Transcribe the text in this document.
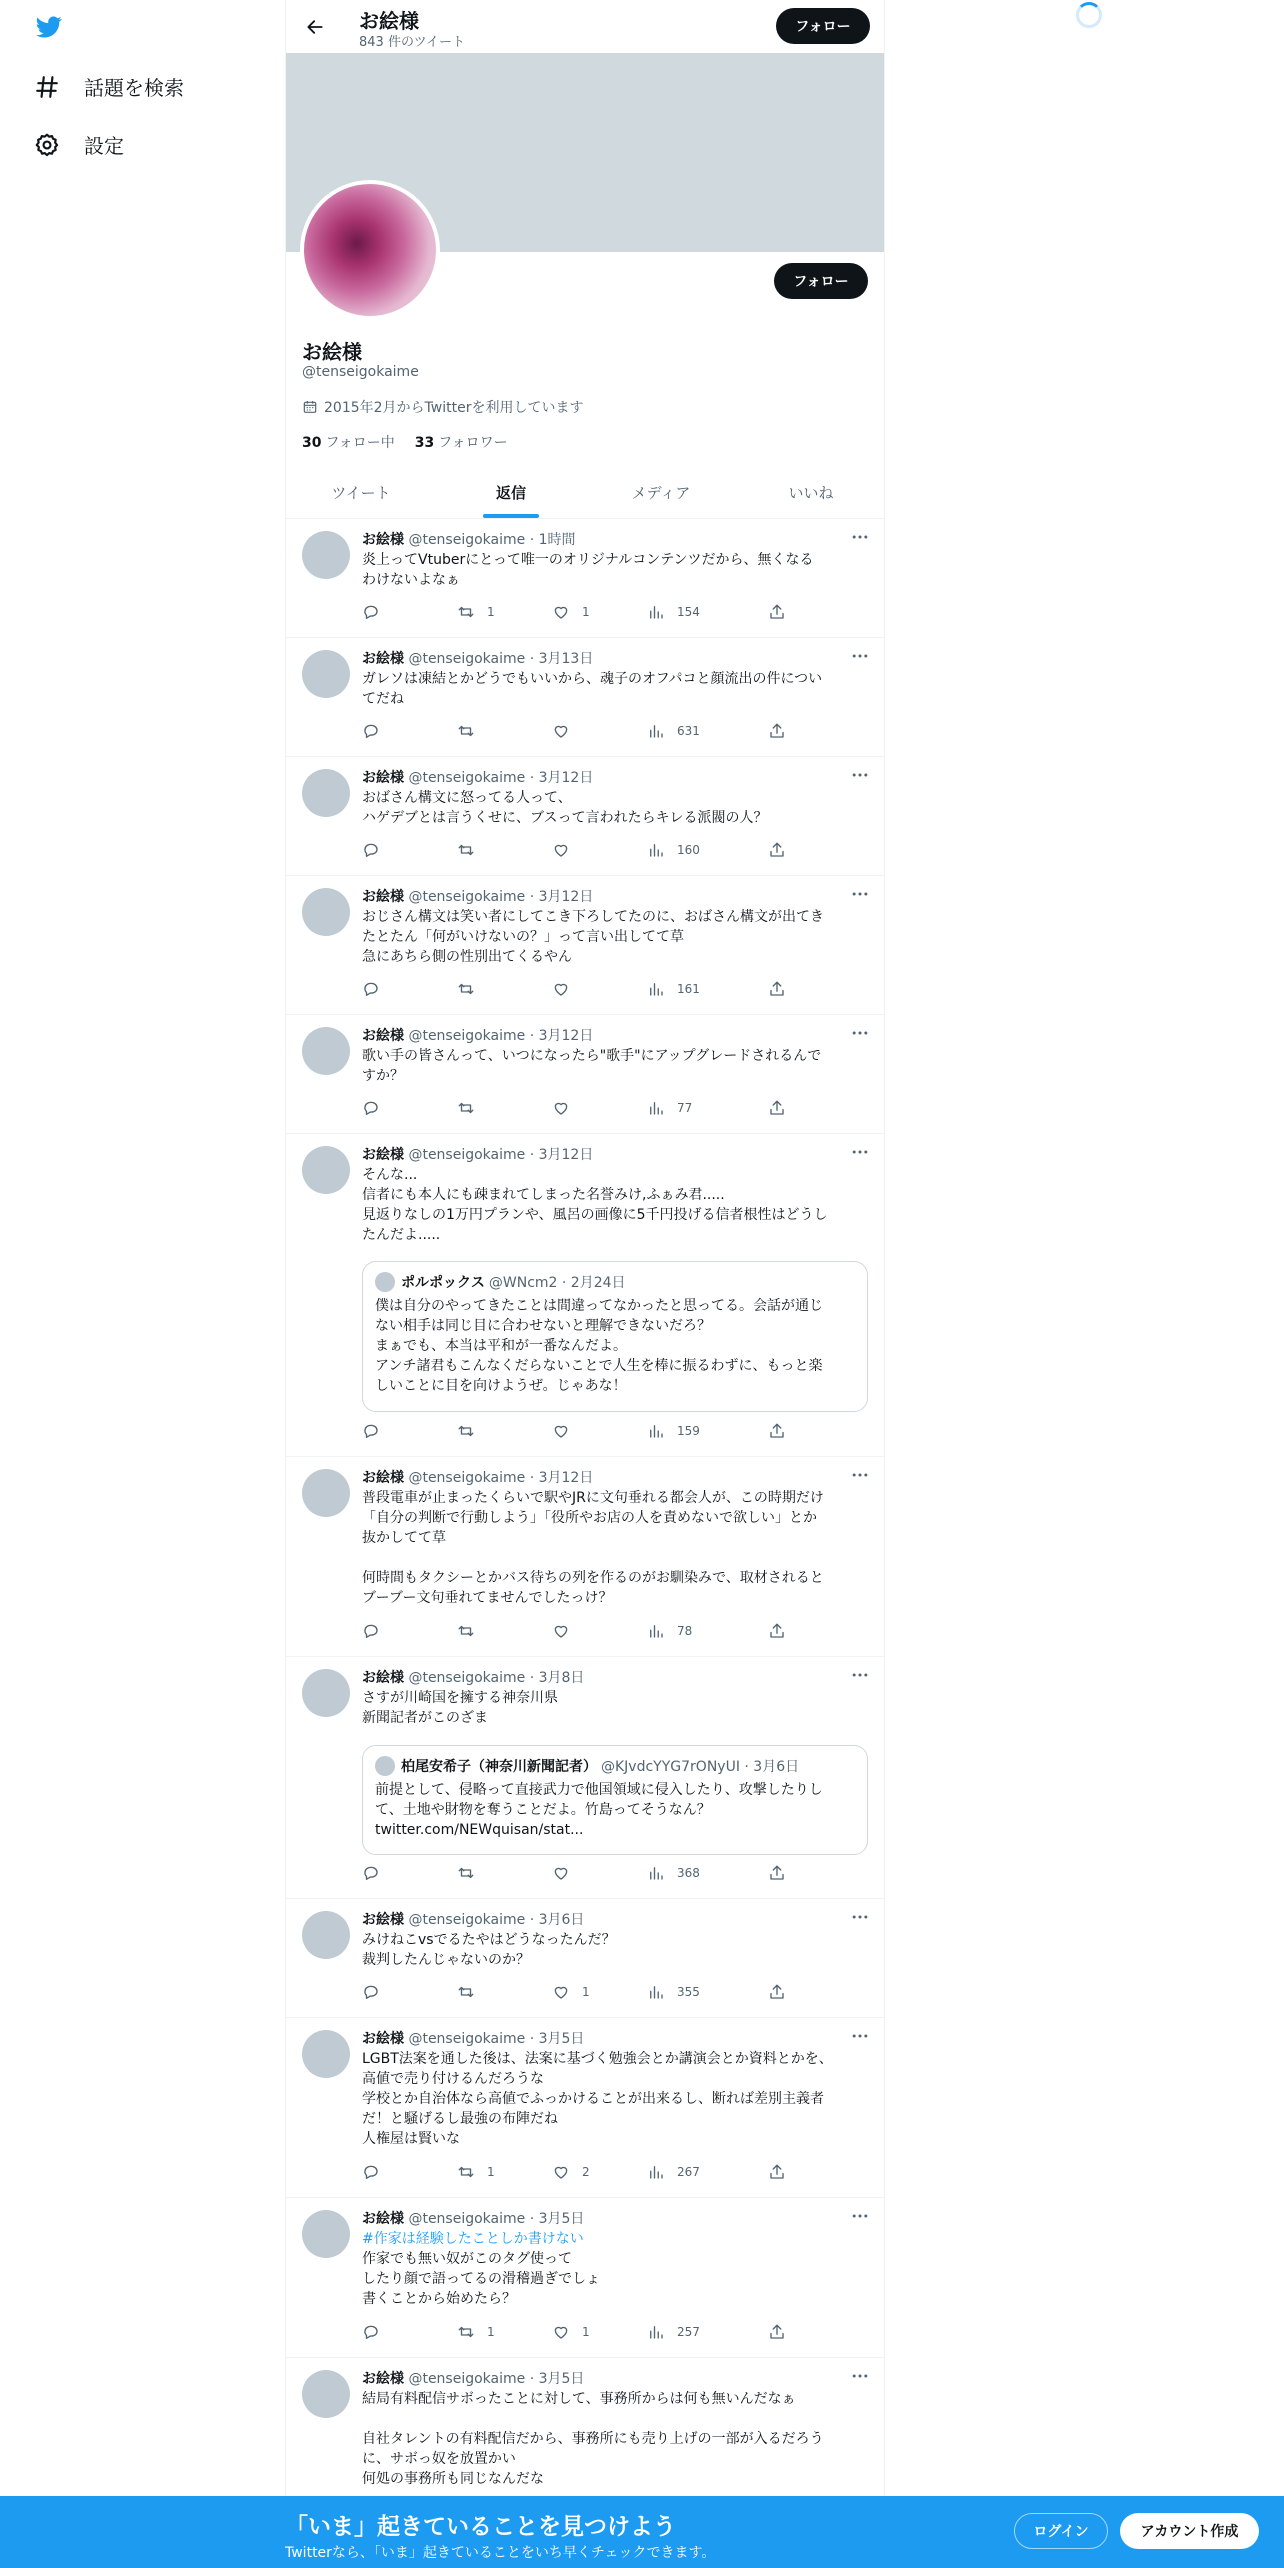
話題を検索
設定
お絵様
843 件のツイート
フォロー
フォロー
お絵様
@tenseigokaime
2015年2月からTwitterを利用しています
30 フォロー中 33 フォロワー
ツイート	返信	メディア	いいね
お絵様 @tenseigokaime · 1時間
炎上ってVtuberにとって唯一のオリジナルコンテンツだから、無くなる
わけないよなぁ
1	1	154
お絵様 @tenseigokaime · 3月13日
ガレソは凍結とかどうでもいいから、魂子のオフパコと顔流出の件につい
てだね
631
お絵様 @tenseigokaime · 3月12日
おばさん構文に怒ってる人って、
ハゲデブとは言うくせに、ブスって言われたらキレる派閥の人？
160
お絵様 @tenseigokaime · 3月12日
おじさん構文は笑い者にしてこき下ろしてたのに、おばさん構文が出てき
たとたん「何がいけないの？」って言い出してて草
急にあちら側の性別出てくるやん
161
お絵様 @tenseigokaime · 3月12日
歌い手の皆さんって、いつになったら"歌手"にアップグレードされるんで
すか？
77
お絵様 @tenseigokaime · 3月12日
そんな...
信者にも本人にも疎まれてしまった名誉みけ,ふぁみ君.....
見返りなしの1万円プランや、風呂の画像に5千円投げる信者根性はどうし
たんだよ.....
ポルポックス @WNcm2 · 2月24日
僕は自分のやってきたことは間違ってなかったと思ってる。会話が通じ
ない相手は同じ目に合わせないと理解できないだろ？
まぁでも、本当は平和が一番なんだよ。
アンチ諸君もこんなくだらないことで人生を棒に振るわずに、もっと楽
しいことに目を向けようぜ。じゃあな！
159
お絵様 @tenseigokaime · 3月12日
普段電車が止まったくらいで駅やJRに文句垂れる都会人が、この時期だけ
「自分の判断で行動しよう」「役所やお店の人を責めないで欲しい」とか
抜かしてて草

何時間もタクシーとかバス待ちの列を作るのがお馴染みで、取材されると
ブーブー文句垂れてませんでしたっけ？
78
お絵様 @tenseigokaime · 3月8日
さすが川崎国を擁する神奈川県
新聞記者がこのざま
柏尾安希子（神奈川新聞記者） @KJvdcYYG7rONyUI · 3月6日
前提として、侵略って直接武力で他国領域に侵入したり、攻撃したりし
て、土地や財物を奪うことだよ。竹島ってそうなん？
twitter.com/NEWquisan/stat...
368
お絵様 @tenseigokaime · 3月6日
みけねこvsでるたやはどうなったんだ？
裁判したんじゃないのか？
1	355
お絵様 @tenseigokaime · 3月5日
LGBT法案を通した後は、法案に基づく勉強会とか講演会とか資料とかを、
高値で売り付けるんだろうな
学校とか自治体なら高値でふっかけることが出来るし、断れば差別主義者
だ！と騒げるし最強の布陣だね
人権屋は賢いな
1	2	267
お絵様 @tenseigokaime · 3月5日
#作家は経験したことしか書けない
作家でも無い奴がこのタグ使って
したり顔で語ってるの滑稽過ぎでしょ
書くことから始めたら？
1	1	257
お絵様 @tenseigokaime · 3月5日
結局有料配信サボったことに対して、事務所からは何も無いんだなぁ

自社タレントの有料配信だから、事務所にも売り上げの一部が入るだろう
に、サボっ奴を放置かい
何処の事務所も同じなんだな
「いま」起きていることを見つけよう
Twitterなら、「いま」起きていることをいち早くチェックできます。
ログイン	アカウント作成
